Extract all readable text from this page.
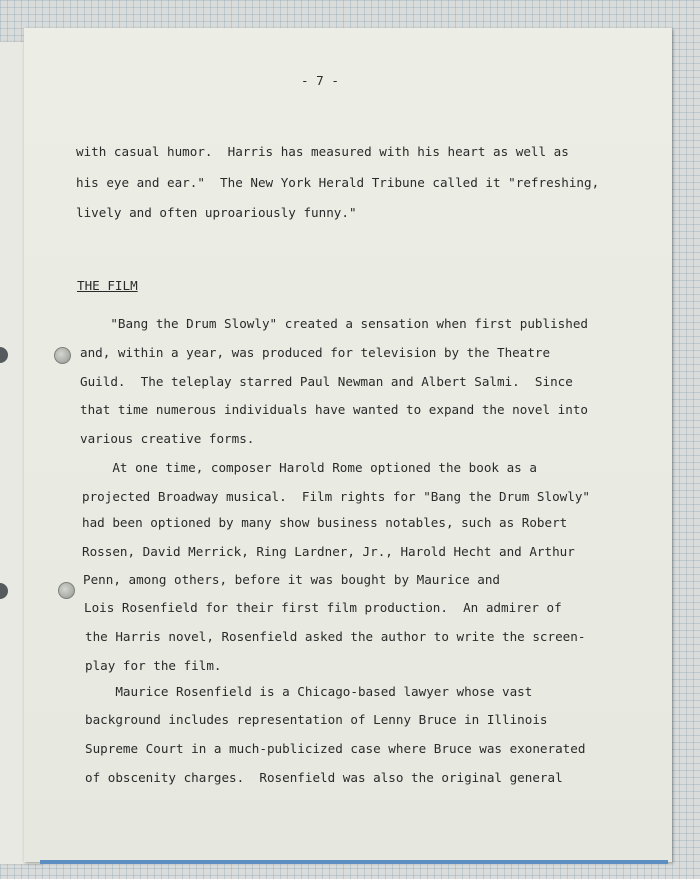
- 7 -

with casual humor.  Harris has measured with his heart as well as

his eye and ear."  The New York Herald Tribune called it "refreshing,

lively and often uproariously funny."

THE FILM

"Bang the Drum Slowly" created a sensation when first published

and, within a year, was produced for television by the Theatre

Guild.  The teleplay starred Paul Newman and Albert Salmi.  Since

that time numerous individuals have wanted to expand the novel into

various creative forms.

At one time, composer Harold Rome optioned the book as a

projected Broadway musical.  Film rights for "Bang the Drum Slowly"

had been optioned by many show business notables, such as Robert

Rossen, David Merrick, Ring Lardner, Jr., Harold Hecht and Arthur

Penn, among others, before it was bought by Maurice and

Lois Rosenfield for their first film production.  An admirer of

the Harris novel, Rosenfield asked the author to write the screen-

play for the film.

Maurice Rosenfield is a Chicago-based lawyer whose vast

background includes representation of Lenny Bruce in Illinois

Supreme Court in a much-publicized case where Bruce was exonerated

of obscenity charges.  Rosenfield was also the original general
